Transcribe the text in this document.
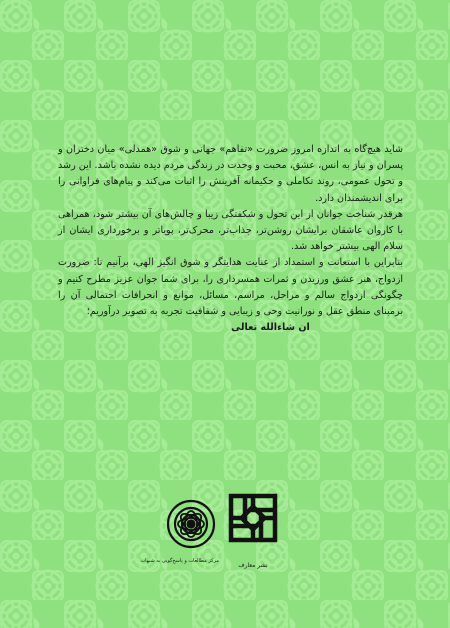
شاید هیچ‌گاه به اندازه امروز ضرورت «تفاهم» جهانی و شوق «همدلی» میان دختران و پسران و نیاز به انس، عشق، محبت و وحدت در زندگی مردم دیده نشده باشد. این رشد و تحول عمومی، روند تکاملی و حکیمانه آفرینش را اثبات می‌کند و پیام‌های فراوانی را برای اندیشمندان دارد.

هرقدر شناخت جوانان از این تحول و شکفتگی زیبا و چالش‌های آن بیشتر شود، همراهی با کاروان عاشقان برایشان روشن‌تر، جذاب‌تر، محرک‌تر، پویاتر و برخورداری ایشان از سلام الهی بیشتر خواهد شد.

بنابراین با استعانت و استمداد از عنایت هدایتگر و شوق انگیز الهی، برآنیم تا: ضرورت ازدواج، هنر عشق ورزیدن و ثمرات همسرداری را، برای شما جوان عزیز مطرح کنیم و چگونگی ازدواج سالم و مراحل، مراسم، مسائل، موانع و انحرافات احتمالی آن را برمبنای منطق عقل و نورانیت وحی و زیبایی و شفافیت تجربه به تصویر درآوریم؛

ان شاءالله تعالی

مرکز مطالعات و پاسخ‌گویی به شبهات
نشر معارف
